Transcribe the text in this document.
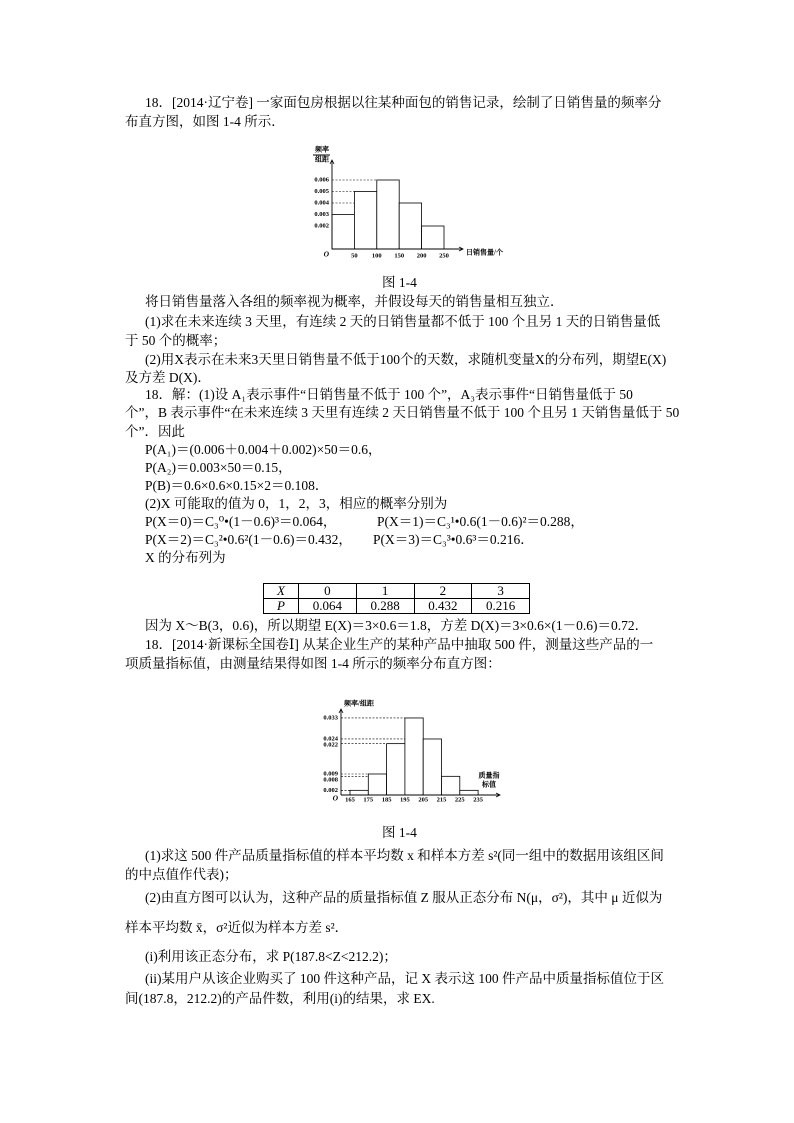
18．[2014·辽宁卷] 一家面包房根据以往某种面包的销售记录，绘制了日销售量的频率分
布直方图，如图 1-4 所示．
频率
组距
日销售量/个
0.006
0.005
0.004
0.003
0.002
50 100 150 200 250
O
图 1-4
将日销售量落入各组的频率视为概率，并假设每天的销售量相互独立．
(1)求在未来连续 3 天里，有连续 2 天的日销售量都不低于 100 个且另 1 天的日销售量低
于 50 个的概率；
(2)用X表示在未来3天里日销售量不低于100个的天数，求随机变量X的分布列，期望E(X)
及方差 D(X)．
18．解：(1)设 A₁表示事件“日销售量不低于 100 个”，A₃表示事件“日销售量低于 50
个”，B 表示事件“在未来连续 3 天里有连续 2 天日销售量不低于 100 个且另 1 天销售量低于 50
个”．因此
P(A₁)＝(0.006＋0.004＋0.002)×50＝0.6，
P(A₂)＝0.003×50＝0.15，
P(B)＝0.6×0.6×0.15×2＝0.108．
(2)X 可能取的值为 0，1，2，3，相应的概率分别为
P(X＝0)＝C₃⁰•(1－0.6)³＝0.064，	P(X＝1)＝C₃¹•0.6(1－0.6)²＝0.288，
P(X＝2)＝C₃²•0.6²(1－0.6)＝0.432， P(X＝3)＝C₃³•0.6³＝0.216．
X 的分布列为
X	0	1	2	3
P	0.064	0.288	0.432	0.216
因为 X～B(3，0.6)，所以期望 E(X)＝3×0.6＝1.8，方差 D(X)＝3×0.6×(1－0.6)＝0.72．
18．[2014·新课标全国卷Ⅰ] 从某企业生产的某种产品中抽取 500 件，测量这些产品的一
项质量指标值，由测量结果得如图 1-4 所示的频率分布直方图：
频率/组距
质量指
标值
0.033
0.024
0.022
0.009
0.008
0.002
165 175 185 195 205 215 225 235
O
图 1-4
(1)求这 500 件产品质量指标值的样本平均数 x 和样本方差 s²(同一组中的数据用该组区间
的中点值作代表)；
(2)由直方图可以认为，这种产品的质量指标值 Z 服从正态分布 N(μ，σ²)，其中 μ 近似为
样本平均数 x̄，σ²近似为样本方差 s²．
(i)利用该正态分布，求 P(187.8<Z<212.2)；
(ii)某用户从该企业购买了 100 件这种产品，记 X 表示这 100 件产品中质量指标值位于区
间(187.8，212.2)的产品件数，利用(i)的结果，求 EX.
